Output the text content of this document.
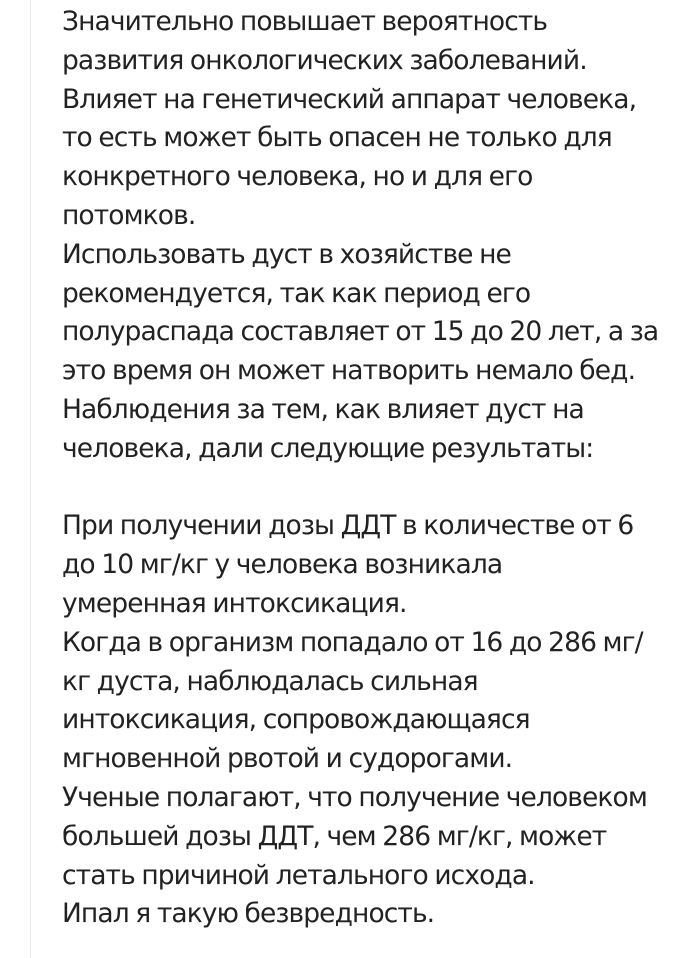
Значительно повышает вероятность
развития онкологических заболеваний.
Влияет на генетический аппарат человека,
то есть может быть опасен не только для
конкретного человека, но и для его
потомков.
Использовать дуст в хозяйстве не
рекомендуется, так как период его
полураспада составляет от 15 до 20 лет, а за
это время он может натворить немало бед.
Наблюдения за тем, как влияет дуст на
человека, дали следующие результаты:
При получении дозы ДДТ в количестве от 6
до 10 мг/кг у человека возникала
умеренная интоксикация.
Когда в организм попадало от 16 до 286 мг/
кг дуста, наблюдалась сильная
интоксикация, сопровождающаяся
мгновенной рвотой и судорогами.
Ученые полагают, что получение человеком
большей дозы ДДТ, чем 286 мг/кг, может
стать причиной летального исхода.
Ипал я такую безвредность.
